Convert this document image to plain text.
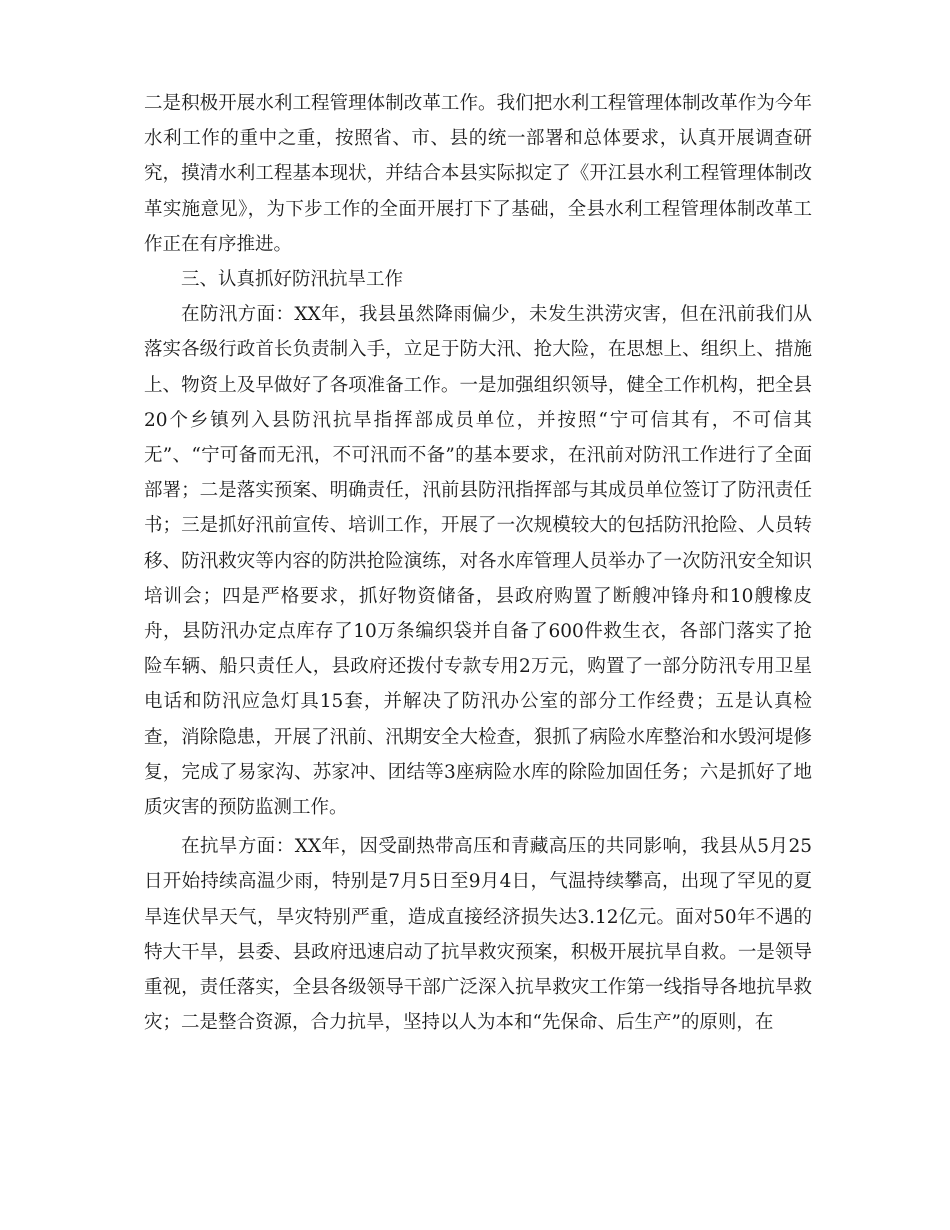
二是积极开展水利工程管理体制改革工作。我们把水利工程管理体制改革作为今年水利工作的重中之重，按照省、市、县的统一部署和总体要求，认真开展调查研究，摸清水利工程基本现状，并结合本县实际拟定了《开江县水利工程管理体制改革实施意见》，为下步工作的全面开展打下了基础，全县水利工程管理体制改革工作正在有序推进。

三、认真抓好防汛抗旱工作

在防汛方面：XX年，我县虽然降雨偏少，未发生洪涝灾害，但在汛前我们从落实各级行政首长负责制入手，立足于防大汛、抢大险，在思想上、组织上、措施上、物资上及早做好了各项准备工作。一是加强组织领导，健全工作机构，把全县20个乡镇列入县防汛抗旱指挥部成员单位，并按照“宁可信其有，不可信其无”、“宁可备而无汛，不可汛而不备”的基本要求，在汛前对防汛工作进行了全面部署；二是落实预案、明确责任，汛前县防汛指挥部与其成员单位签订了防汛责任书；三是抓好汛前宣传、培训工作，开展了一次规模较大的包括防汛抢险、人员转移、防汛救灾等内容的防洪抢险演练，对各水库管理人员举办了一次防汛安全知识培训会；四是严格要求，抓好物资储备，县政府购置了断艘冲锋舟和10艘橡皮舟，县防汛办定点库存了10万条编织袋并自备了600件救生衣，各部门落实了抢险车辆、船只责任人，县政府还拨付专款专用2万元，购置了一部分防汛专用卫星电话和防汛应急灯具15套，并解决了防汛办公室的部分工作经费；五是认真检查，消除隐患，开展了汛前、汛期安全大检查，狠抓了病险水库整治和水毁河堤修复，完成了易家沟、苏家冲、团结等3座病险水库的除险加固任务；六是抓好了地质灾害的预防监测工作。

在抗旱方面：XX年，因受副热带高压和青藏高压的共同影响，我县从5月25日开始持续高温少雨，特别是7月5日至9月4日，气温持续攀高，出现了罕见的夏旱连伏旱天气，旱灾特别严重，造成直接经济损失达3.12亿元。面对50年不遇的特大干旱，县委、县政府迅速启动了抗旱救灾预案，积极开展抗旱自救。一是领导重视，责任落实，全县各级领导干部广泛深入抗旱救灾工作第一线指导各地抗旱救灾；二是整合资源，合力抗旱，坚持以人为本和“先保命、后生产”的原则，在
